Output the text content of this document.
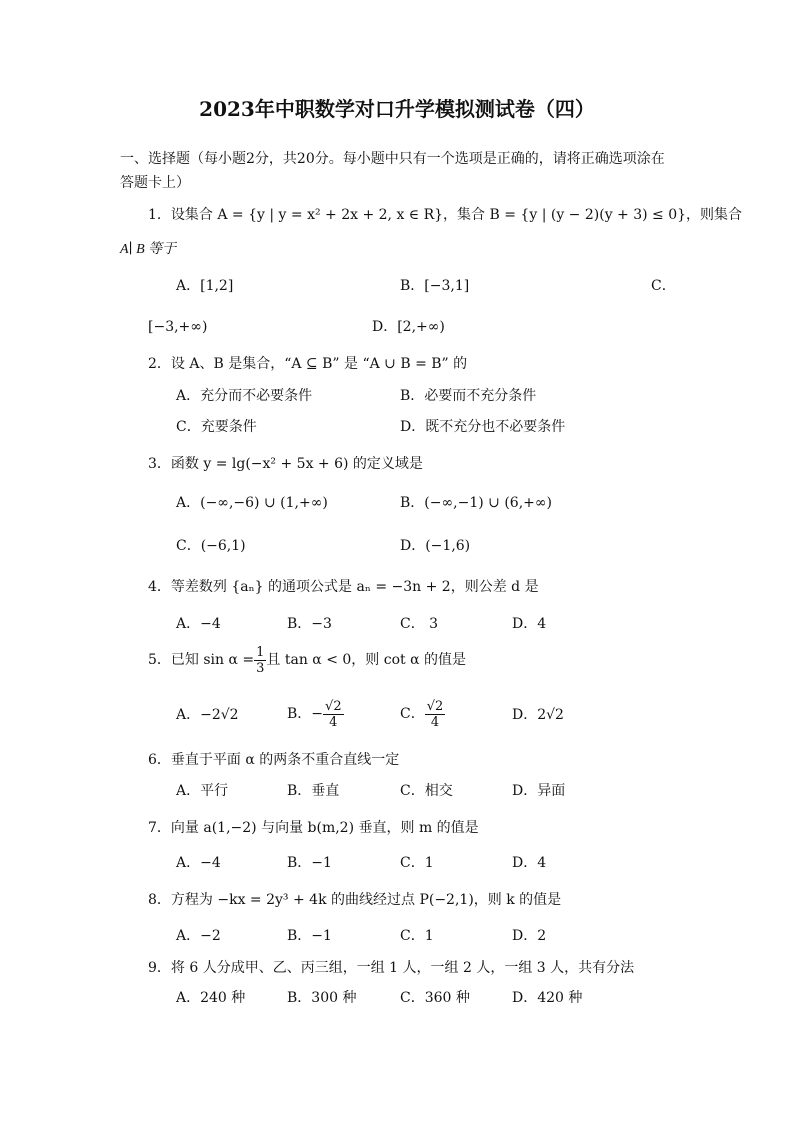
2023年中职数学对口升学模拟测试卷（四）
一、选择题（每小题2分，共20分。每小题中只有一个选项是正确的，请将正确选项涂在
答题卡上）
1．设集合 A = {y | y = x² + 2x + 2, x ∈ R}，集合 B = {y | (y − 2)(y + 3) ≤ 0}，则集合
A∣ B 等于
A．[1,2]	B．[−3,1]	C．
[−3,+∞)	D．[2,+∞)
2．设 A、B 是集合，“A ⊆ B” 是 “A ∪ B = B” 的
A．充分而不必要条件	B．必要而不充分条件
C．充要条件	D．既不充分也不必要条件
3．函数 y = lg(−x² + 5x + 6) 的定义域是
A．(−∞,−6) ∪ (1,+∞)	B．(−∞,−1) ∪ (6,+∞)
C．(−6,1)	D．(−1,6)
4．等差数列 {aₙ} 的通项公式是 aₙ = −3n + 2，则公差 d 是
A．−4	B．−3	C． 3	D．4
5．已知 $\sin \alpha = \frac{1}{3}$ 且 tan α < 0，则 cot α 的值是
A．−2√2	B．− $\frac{√2}{4}$	C． $\frac{√2}{4}$	D．2√2
6．垂直于平面 α 的两条不重合直线一定
A．平行	B．垂直	C．相交	D．异面
7．向量 a(1,−2) 与向量 b(m,2) 垂直，则 m 的值是
A．−4	B．−1	C．1	D．4
8．方程为 −kx = 2y³ + 4k 的曲线经过点 P(−2,1)，则 k 的值是
A．−2	B．−1	C．1	D．2
9．将 6 人分成甲、乙、丙三组，一组 1 人，一组 2 人，一组 3 人，共有分法
A．240 种	B．300 种	C．360 种	D．420 种
